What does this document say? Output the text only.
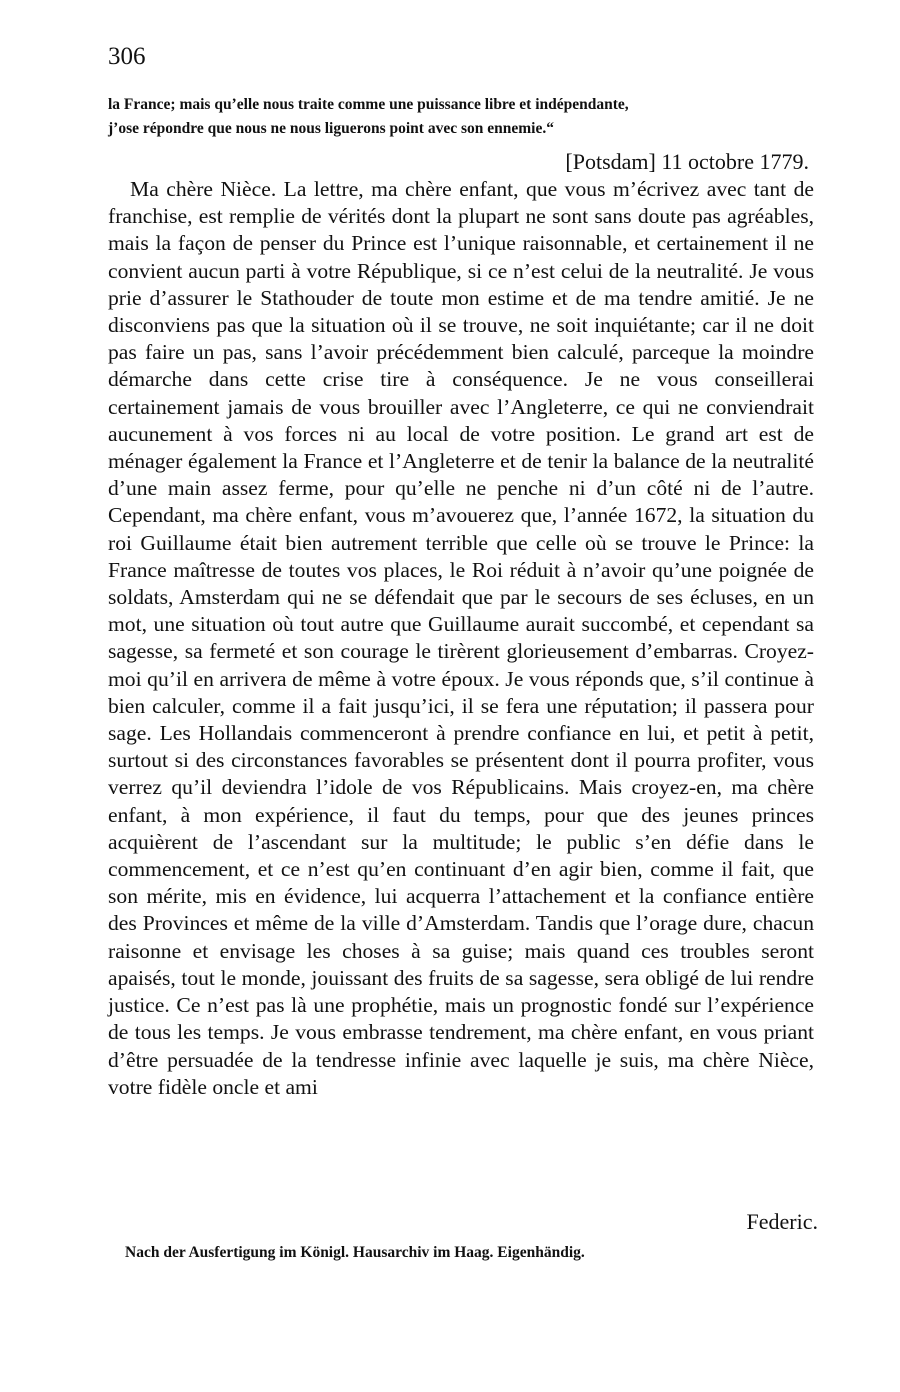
306

la France; mais qu’elle nous traite comme une puissance libre et indépendante,

j’ose répondre que nous ne nous liguerons point avec son ennemie.“

[Potsdam] 11 octobre 1779.

Ma chère Nièce. La lettre, ma chère enfant, que vous m’écrivez avec tant de franchise, est remplie de vérités dont la plupart ne sont sans doute pas agréables, mais la façon de penser du Prince est l’unique raisonnable, et certainement il ne convient aucun parti à votre République, si ce n’est celui de la neutralité. Je vous prie d’assurer le Stathouder de toute mon estime et de ma tendre amitié. Je ne disconviens pas que la situation où il se trouve, ne soit inquiétante; car il ne doit pas faire un pas, sans l’avoir précédemment bien calculé, parceque la moindre démarche dans cette crise tire à conséquence. Je ne vous conseillerai certainement jamais de vous brouiller avec l’Angleterre, ce qui ne conviendrait aucunement à vos forces ni au local de votre position. Le grand art est de ménager également la France et l’Angleterre et de tenir la balance de la neutralité d’une main assez ferme, pour qu’elle ne penche ni d’un côté ni de l’autre. Cependant, ma chère enfant, vous m’avouerez que, l’année 1672, la situation du roi Guillaume était bien autrement terrible que celle où se trouve le Prince: la France maîtresse de toutes vos places, le Roi réduit à n’avoir qu’une poignée de soldats, Amsterdam qui ne se défendait que par le secours de ses écluses, en un mot, une situation où tout autre que Guillaume aurait succombé, et cependant sa sagesse, sa fermeté et son courage le tirèrent glorieusement d’embarras. Croyez-moi qu’il en arrivera de même à votre époux. Je vous réponds que, s’il continue à bien calculer, comme il a fait jusqu’ici, il se fera une réputation; il passera pour sage. Les Hollandais commenceront à prendre confiance en lui, et petit à petit, surtout si des circonstances favorables se présentent dont il pourra profiter, vous verrez qu’il deviendra l’idole de vos Républicains. Mais croyez-en, ma chère enfant, à mon expérience, il faut du temps, pour que des jeunes princes acquièrent de l’ascendant sur la multitude; le public s’en défie dans le commencement, et ce n’est qu’en continuant d’en agir bien, comme il fait, que son mérite, mis en évidence, lui acquerra l’attachement et la confiance entière des Provinces et même de la ville d’Amsterdam. Tandis que l’orage dure, chacun raisonne et envisage les choses à sa guise; mais quand ces troubles seront apaisés, tout le monde, jouissant des fruits de sa sagesse, sera obligé de lui rendre justice. Ce n’est pas là une prophétie, mais un prognostic fondé sur l’expérience de tous les temps. Je vous embrasse tendrement, ma chère enfant, en vous priant d’être persuadée de la tendresse infinie avec laquelle je suis, ma chère Nièce, votre fidèle oncle et ami

Federic.
Nach der Ausfertigung im Königl. Hausarchiv im Haag. Eigenhändig.
